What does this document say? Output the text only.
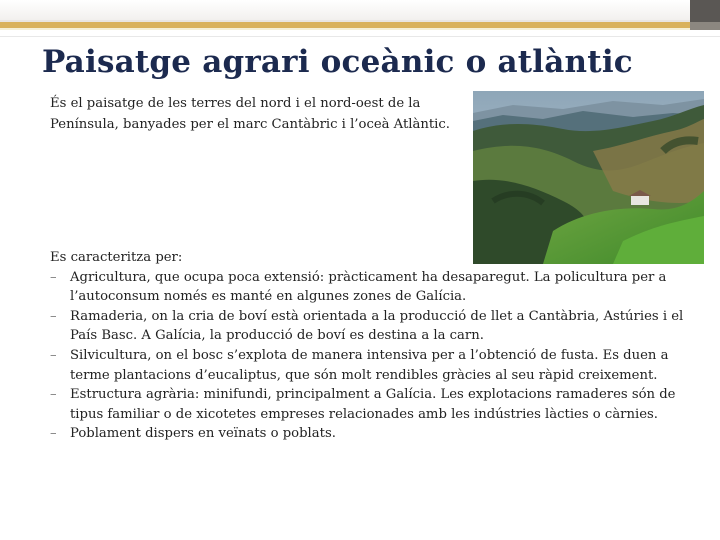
Paisatge agrari oceànic o atlàntic

És el paisatge de les terres del nord i el nord-oest de la Península, banyades per el marc Cantàbric i l’oceà Atlàntic.

Es caracteritza per:

– Agricultura, que ocupa poca extensió: pràcticament ha desaparegut. La policultura per a l’autoconsum només es manté en algunes zones de Galícia.
– Ramaderia, on la cria de boví està orientada a la producció de llet a Cantàbria, Astúries i el País Basc. A Galícia, la producció de boví es destina a la carn.
– Silvicultura, on el bosc s’explota de manera intensiva per a l’obtenció de fusta. Es duen a terme plantacions d’eucaliptus, que són molt rendibles gràcies al seu ràpid creixement.
– Estructura agrària: minifundi, principalment a Galícia. Les explotacions ramaderes són de tipus familiar o de xicotetes empreses relacionades amb les indústries làcties o càrnies.
– Poblament dispers en veïnats o poblats.
